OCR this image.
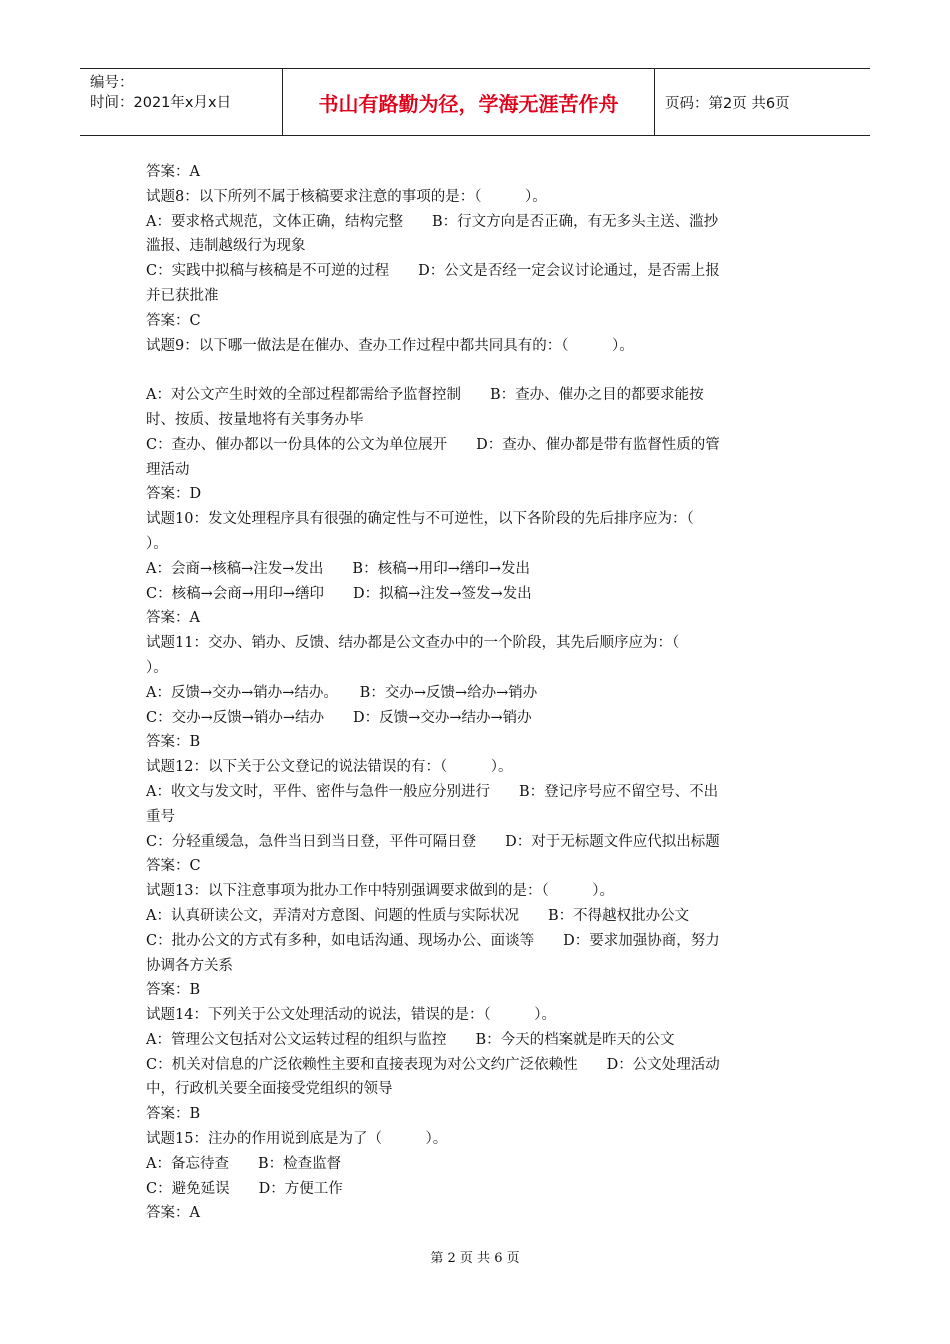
编号：
时间：2021年x月x日	书山有路勤为径，学海无涯苦作舟	页码：第2页 共6页
答案：A
试题8：以下所列不属于核稿要求注意的事项的是：（　　　）。
A：要求格式规范，文体正确，结构完整　　B：行文方向是否正确，有无多头主送、滥抄
滥报、违制越级行为现象
C：实践中拟稿与核稿是不可逆的过程　　D：公文是否经一定会议讨论通过，是否需上报
并已获批准
答案：C
试题9：以下哪一做法是在催办、查办工作过程中都共同具有的：（　　　）。
A：对公文产生时效的全部过程都需给予监督控制　　B：查办、催办之目的都要求能按
时、按质、按量地将有关事务办毕
C：查办、催办都以一份具体的公文为单位展开　　D：查办、催办都是带有监督性质的管
理活动
答案：D
试题10：发文处理程序具有很强的确定性与不可逆性，以下各阶段的先后排序应为：（
）。
A：会商→核稿→注发→发出　　B：核稿→用印→缮印→发出
C：核稿→会商→用印→缮印　　D：拟稿→注发→签发→发出
答案：A
试题11：交办、销办、反馈、结办都是公文查办中的一个阶段，其先后顺序应为：（
）。
A：反馈→交办→销办→结办。　　B：交办→反馈→给办→销办
C：交办→反馈→销办→结办　　D：反馈→交办→结办→销办
答案：B
试题12：以下关于公文登记的说法错误的有：（　　　）。
A：收文与发文时，平件、密件与急件一般应分别进行　　B：登记序号应不留空号、不出
重号
C：分轻重缓急，急件当日到当日登，平件可隔日登　　D：对于无标题文件应代拟出标题
答案：C
试题13：以下注意事项为批办工作中特别强调要求做到的是：（　　　）。
A：认真研读公文，弄清对方意图、问题的性质与实际状况　　B：不得越权批办公文
C：批办公文的方式有多种，如电话沟通、现场办公、面谈等　　D：要求加强协商，努力
协调各方关系
答案：B
试题14：下列关于公文处理活动的说法，错误的是：（　　　）。
A：管理公文包括对公文运转过程的组织与监控　　B：今天的档案就是昨天的公文
C：机关对信息的广泛依赖性主要和直接表现为对公文约广泛依赖性　　D：公文处理活动
中，行政机关要全面接受党组织的领导
答案：B
试题15：注办的作用说到底是为了（　　　）。
A：备忘待查　　B：检查监督
C：避免延误　　D：方便工作
答案：A
第 2 页 共 6 页
